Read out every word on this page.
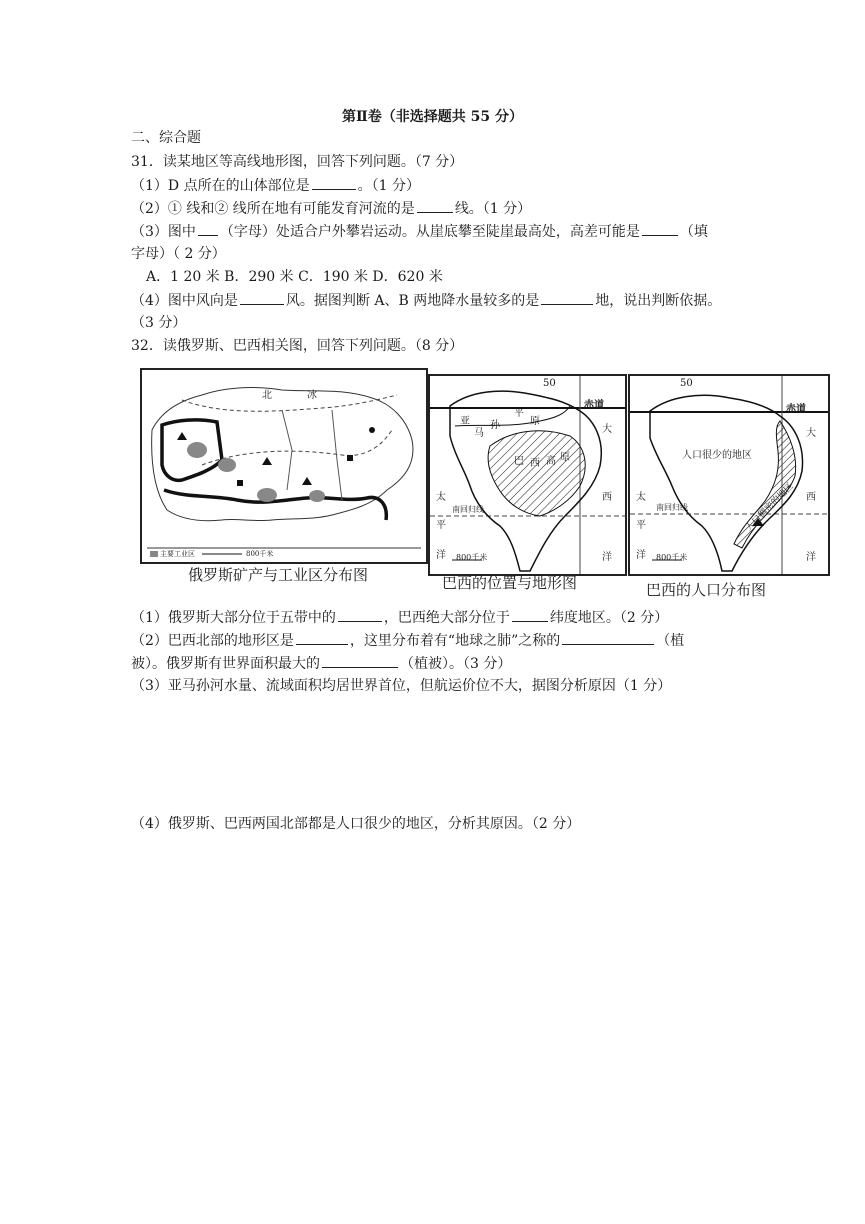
第Ⅱ卷（非选择题共 55 分）
二、综合题
31．读某地区等高线地形图，回答下列问题。（7 分）
（1）D 点所在的山体部位是	。（1 分）
（2）① 线和② 线所在地有可能发育河流的是	线。（1 分）
（3）图中 （字母）处适合户外攀岩运动。从崖底攀至陡崖最高处，高差可能是	（填
字母）（ 2 分）
A．1 20 米 B．290 米 C．190 米 D．620 米
（4）图中风向是	风。据图判断 A、B 两地降水量较多的是	地，说出判断依据。
（3 分）
32．读俄罗斯、巴西相关图，回答下列问题。（8 分）
北	冰
主要工业区	800千米
俄罗斯矿产与工业区分布图
50
赤道
大
西
洋
太
平
洋
亚
马
孙
平
原
巴 西 高 原
南回归线
800千米
巴西的位置与地形图
50
赤道
人口很少的地区
人口稠密的地区
大
西
洋
太
平
洋
南回归线
800千米
巴西的人口分布图
（1）俄罗斯大部分位于五带中的	，巴西绝大部分位于	纬度地区。（2 分）
（2）巴西北部的地形区是	，这里分布着有“地球之肺”之称的	（植
被）。俄罗斯有世界面积最大的	（植被）。（3 分）
（3）亚马孙河水量、流域面积均居世界首位，但航运价位不大，据图分析原因（1 分）
（4）俄罗斯、巴西两国北部都是人口很少的地区，分析其原因。（2 分）
